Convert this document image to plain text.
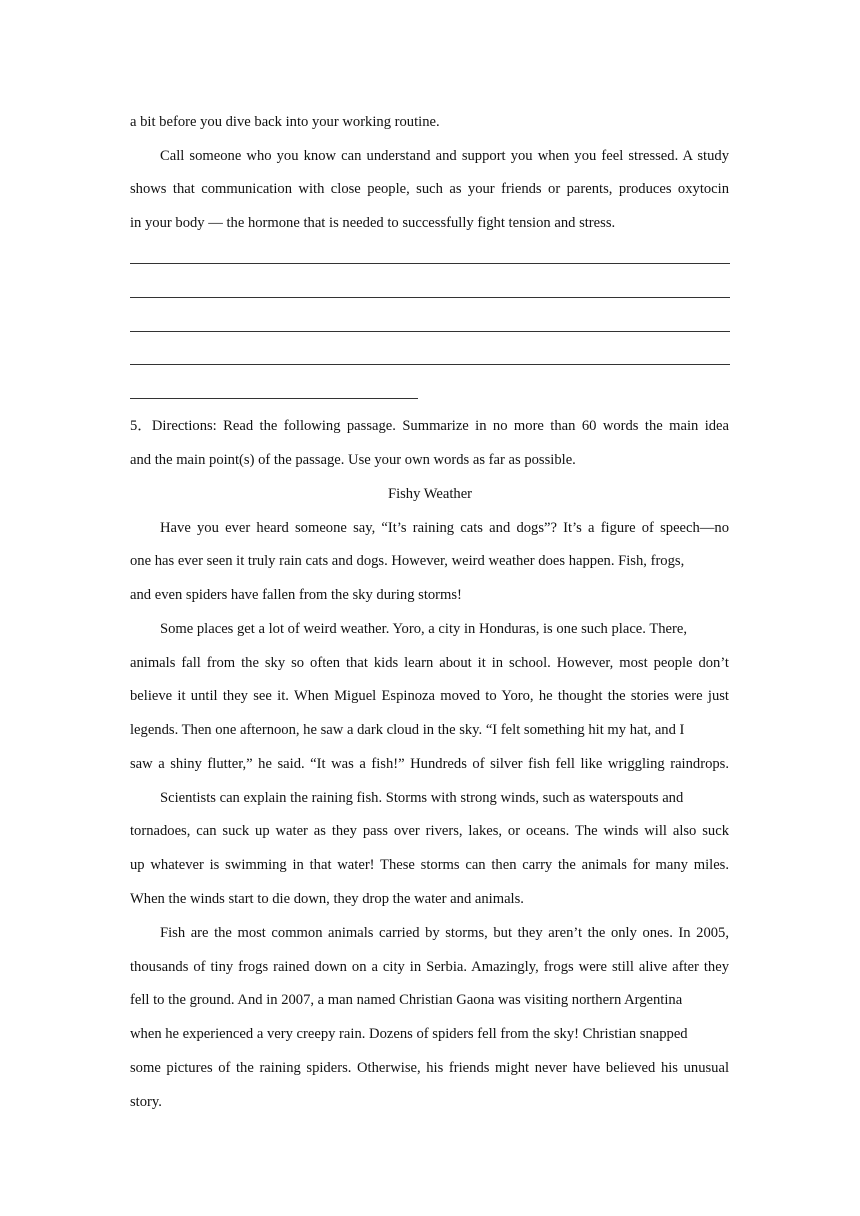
a bit before you dive back into your working routine.
Call someone who you know can understand and support you when you feel stressed. A study
shows that communication with close people, such as your friends or parents, produces oxytocin
in your body — the hormone that is needed to successfully fight tension and stress.
5．Directions: Read the following passage. Summarize in no more than 60 words the main idea
and the main point(s) of the passage. Use your own words as far as possible.
Fishy Weather
Have you ever heard someone say, “It’s raining cats and dogs”? It’s a figure of speech—no
one has ever seen it truly rain cats and dogs. However, weird weather does happen. Fish, frogs,
and even spiders have fallen from the sky during storms!
Some places get a lot of weird weather. Yoro, a city in Honduras, is one such place. There,
animals fall from the sky so often that kids learn about it in school. However, most people don’t
believe it until they see it. When Miguel Espinoza moved to Yoro, he thought the stories were just
legends. Then one afternoon, he saw a dark cloud in the sky. “I felt something hit my hat, and I
saw a shiny flutter,” he said. “It was a fish!” Hundreds of silver fish fell like wriggling raindrops.
Scientists can explain the raining fish. Storms with strong winds, such as waterspouts and
tornadoes, can suck up water as they pass over rivers, lakes, or oceans. The winds will also suck
up whatever is swimming in that water! These storms can then carry the animals for many miles.
When the winds start to die down, they drop the water and animals.
Fish are the most common animals carried by storms, but they aren’t the only ones. In 2005,
thousands of tiny frogs rained down on a city in Serbia. Amazingly, frogs were still alive after they
fell to the ground. And in 2007, a man named Christian Gaona was visiting northern Argentina
when he experienced a very creepy rain. Dozens of spiders fell from the sky! Christian snapped
some pictures of the raining spiders. Otherwise, his friends might never have believed his unusual
story.
